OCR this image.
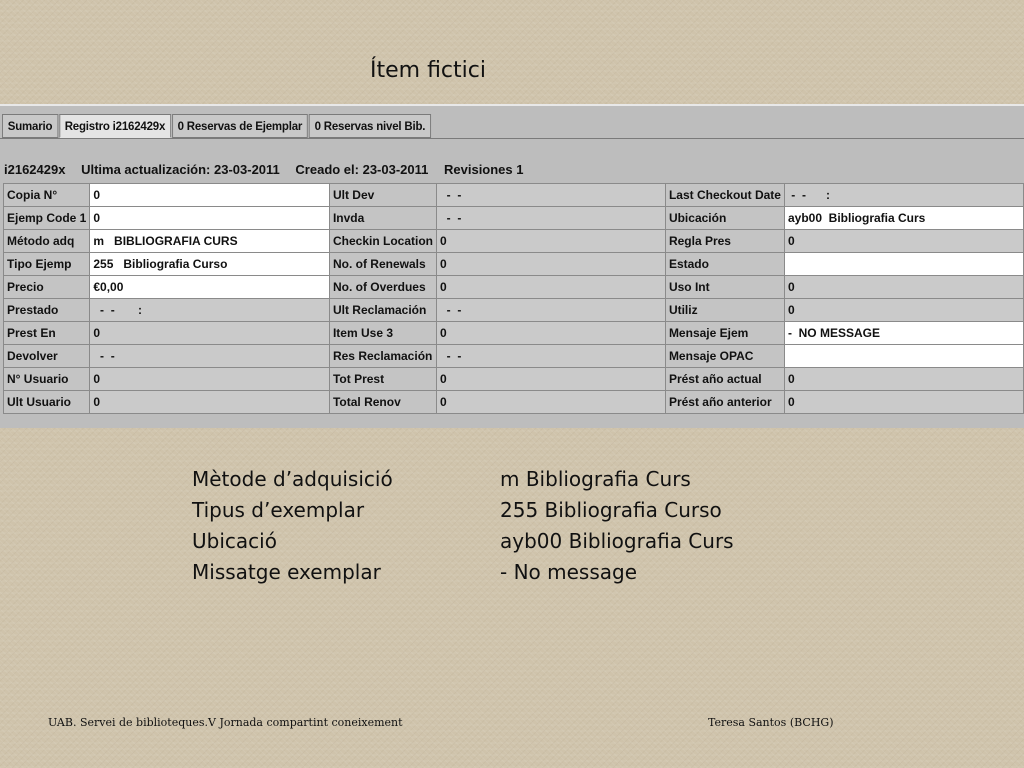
Ítem fictici
Sumario	Registro i2162429x	0 Reservas de Ejemplar	0 Reservas nivel Bib.
i2162429x Ultima actualización: 23-03-2011 Creado el: 23-03-2011 Revisiones 1
Copia N°	0	Ult Dev	-  -	Last Checkout Date	-  -      :
Ejemp Code 1	0	Invda	-  -	Ubicación	ayb00  Bibliografia Curs
Método adq	m   BIBLIOGRAFIA CURS	Checkin Location	0	Regla Pres	0
Tipo Ejemp	255   Bibliografia Curso	No. of Renewals	0	Estado	
Precio	€0,00	No. of Overdues	0	Uso Int	0
Prestado	-  -       :	Ult Reclamación	-  -	Utiliz	0
Prest En	0	Item Use 3	0	Mensaje Ejem	-  NO MESSAGE
Devolver	-  -	Res Reclamación	-  -	Mensaje OPAC	
N° Usuario	0	Tot Prest	0	Prést año actual	0
Ult Usuario	0	Total Renov	0	Prést año anterior	0
Mètode d’adquisició	m Bibliografia Curs
Tipus d’exemplar	255 Bibliografia Curso
Ubicació	ayb00 Bibliografia Curs
Missatge exemplar	- No message
UAB. Servei de biblioteques.V Jornada compartint coneixement	Teresa Santos (BCHG)
